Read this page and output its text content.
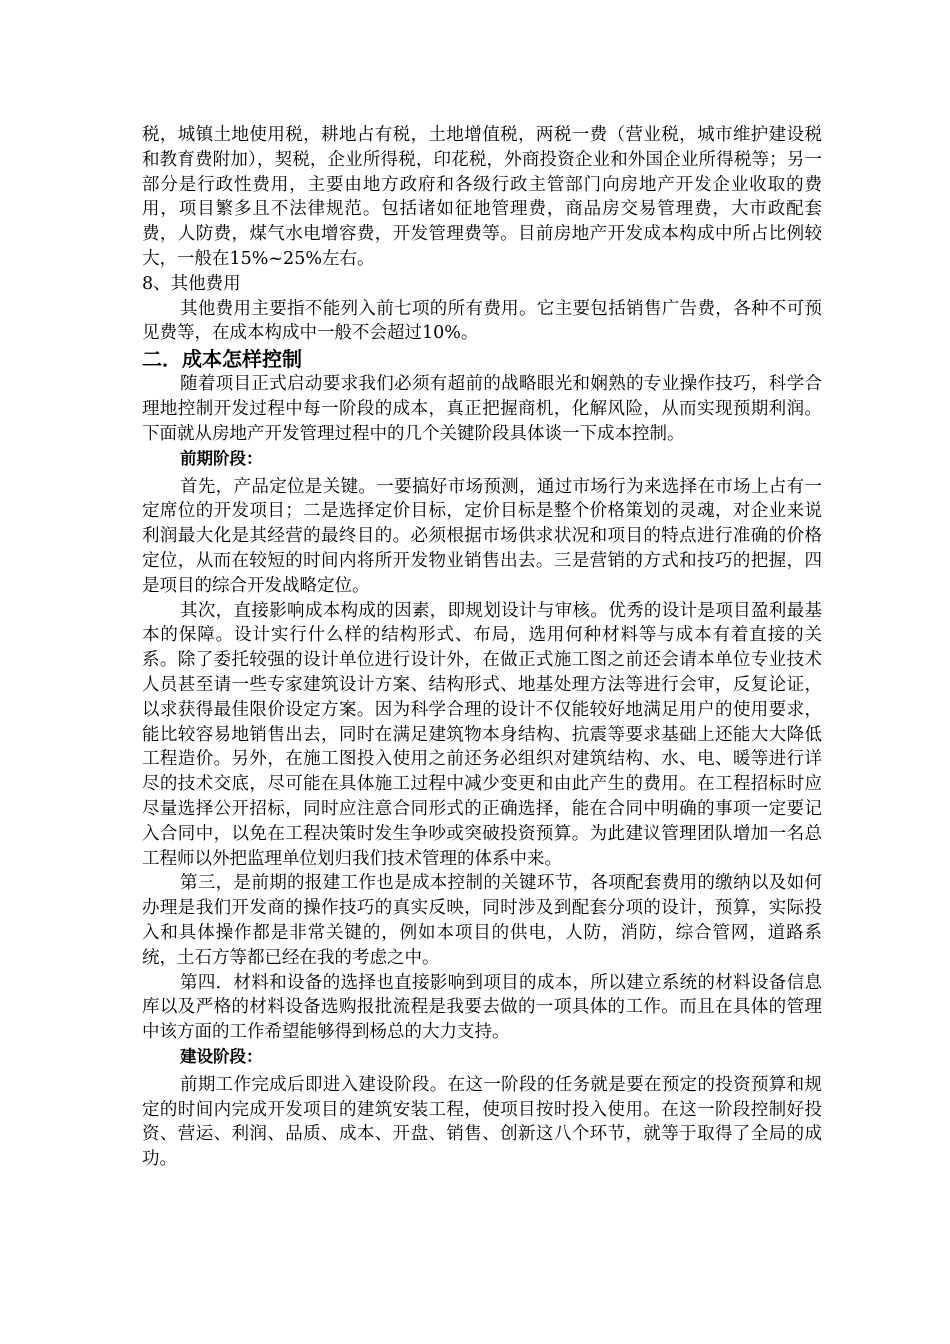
税，城镇土地使用税，耕地占有税，土地增值税，两税一费（营业税，城市维护建设税和教育费附加），契税，企业所得税，印花税，外商投资企业和外国企业所得税等；另一部分是行政性费用，主要由地方政府和各级行政主管部门向房地产开发企业收取的费用，项目繁多且不法律规范。包括诸如征地管理费，商品房交易管理费，大市政配套费，人防费，煤气水电增容费，开发管理费等。目前房地产开发成本构成中所占比例较大，一般在15%~25%左右。

8、其他费用

其他费用主要指不能列入前七项的所有费用。它主要包括销售广告费，各种不可预见费等，在成本构成中一般不会超过10%。

二．成本怎样控制

随着项目正式启动要求我们必须有超前的战略眼光和娴熟的专业操作技巧，科学合理地控制开发过程中每一阶段的成本，真正把握商机，化解风险，从而实现预期利润。下面就从房地产开发管理过程中的几个关键阶段具体谈一下成本控制。

前期阶段：

首先，产品定位是关键。一要搞好市场预测，通过市场行为来选择在市场上占有一定席位的开发项目；二是选择定价目标，定价目标是整个价格策划的灵魂，对企业来说利润最大化是其经营的最终目的。必须根据市场供求状况和项目的特点进行准确的价格定位，从而在较短的时间内将所开发物业销售出去。三是营销的方式和技巧的把握，四是项目的综合开发战略定位。

其次，直接影响成本构成的因素，即规划设计与审核。优秀的设计是项目盈利最基本的保障。设计实行什么样的结构形式、布局，选用何种材料等与成本有着直接的关系。除了委托较强的设计单位进行设计外，在做正式施工图之前还会请本单位专业技术人员甚至请一些专家建筑设计方案、结构形式、地基处理方法等进行会审，反复论证，以求获得最佳限价设定方案。因为科学合理的设计不仅能较好地满足用户的使用要求，能比较容易地销售出去，同时在满足建筑物本身结构、抗震等要求基础上还能大大降低工程造价。另外，在施工图投入使用之前还务必组织对建筑结构、水、电、暖等进行详尽的技术交底，尽可能在具体施工过程中减少变更和由此产生的费用。在工程招标时应尽量选择公开招标，同时应注意合同形式的正确选择，能在合同中明确的事项一定要记入合同中，以免在工程决策时发生争吵或突破投资预算。为此建议管理团队增加一名总工程师以外把监理单位划归我们技术管理的体系中来。

第三，是前期的报建工作也是成本控制的关键环节，各项配套费用的缴纳以及如何办理是我们开发商的操作技巧的真实反映，同时涉及到配套分项的设计，预算，实际投入和具体操作都是非常关键的，例如本项目的供电，人防，消防，综合管网，道路系统，土石方等都已经在我的考虑之中。

第四．材料和设备的选择也直接影响到项目的成本，所以建立系统的材料设备信息库以及严格的材料设备选购报批流程是我要去做的一项具体的工作。而且在具体的管理中该方面的工作希望能够得到杨总的大力支持。

建设阶段：

前期工作完成后即进入建设阶段。在这一阶段的任务就是要在预定的投资预算和规定的时间内完成开发项目的建筑安装工程，使项目按时投入使用。在这一阶段控制好投资、营运、利润、品质、成本、开盘、销售、创新这八个环节，就等于取得了全局的成功。
